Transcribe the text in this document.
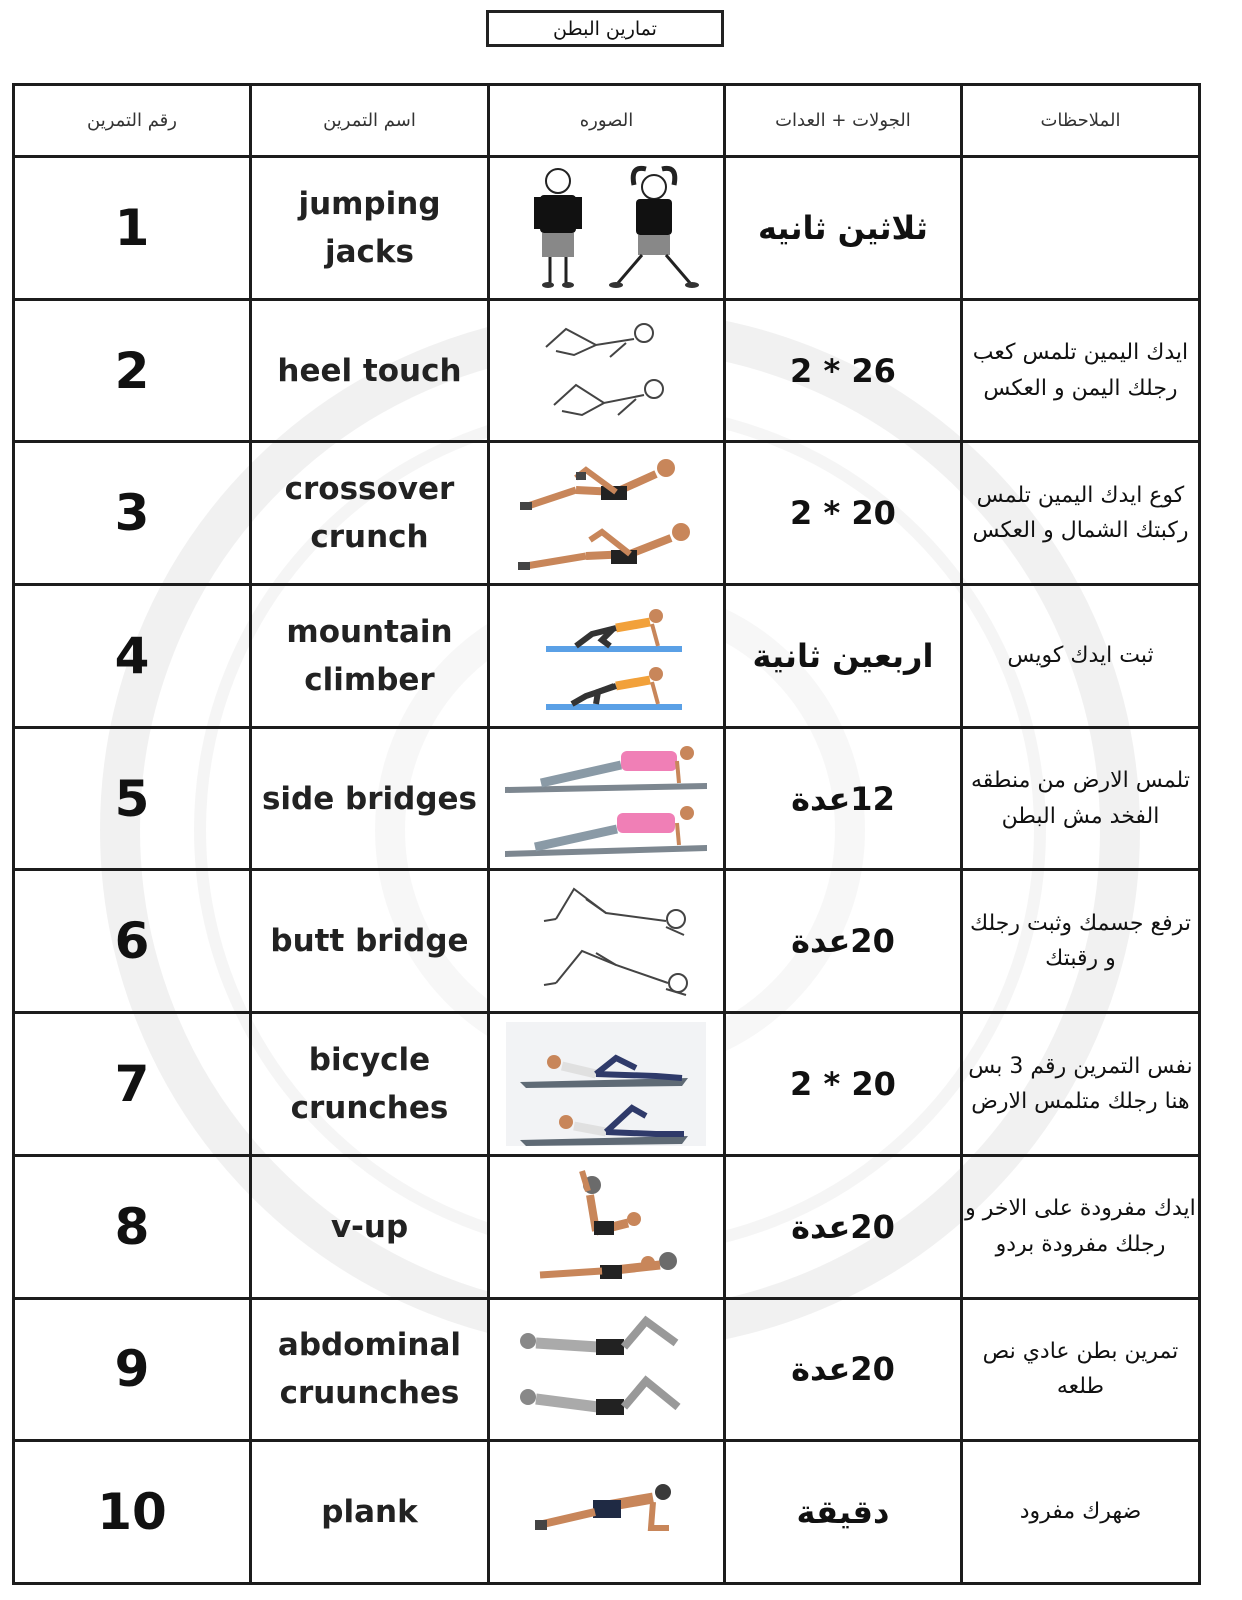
تمارين البطن
رقم التمرين	اسم التمرين	الصوره	الجولات + العدات	الملاحظات
1	jumping jacks		ثلاثين ثانيه	
2	heel touch		26 * 2	ايدك اليمين تلمس كعب رجلك اليمن و العكس
3	crossover crunch		20 * 2	كوع ايدك اليمين تلمس ركبتك الشمال و العكس
4	mountain climber		اربعين ثانية	ثبت ايدك كويس
5	side bridges		12عدة	تلمس الارض من منطقه الفخد مش البطن
6	butt bridge		20عدة	ترفع جسمك وثبت رجلك و رقبتك
7	bicycle crunches		20 * 2	نفس التمرين رقم 3 بس هنا رجلك متلمس الارض
8	v-up		20عدة	ايدك مفرودة على الاخر و رجلك مفرودة بردو
9	abdominal cruunches		20عدة	تمرين بطن عادي نص طلعه
10	plank		دقيقة	ضهرك مفرود
